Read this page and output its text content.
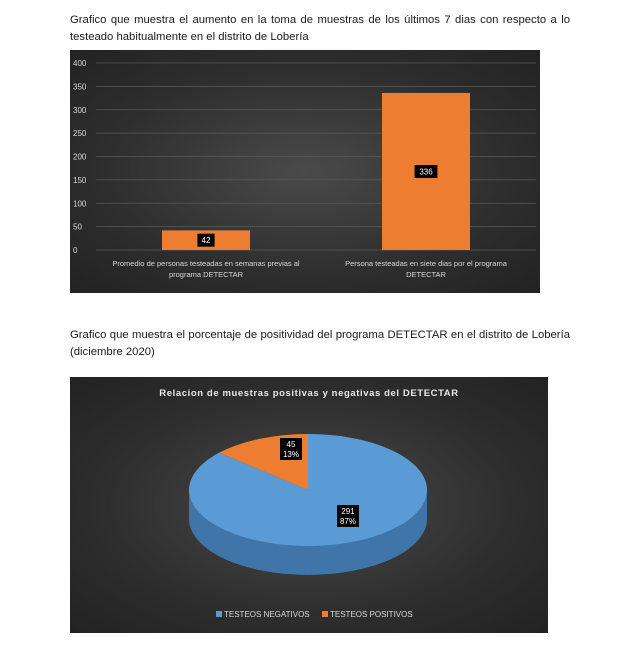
Grafico que muestra el aumento en la toma de muestras de los últimos 7 dias con respecto a lo testeado habitualmente en el distrito de Lobería
0
50
100
150
200
250
300
350
400
42
Promedio de personas testeadas en semanas previas al
programa DETECTAR
336
Persona testeadas en siete dias por el programa
DETECTAR
Grafico que muestra el porcentaje de positividad del programa DETECTAR en el distrito de Lobería (diciembre 2020)
Relacion de muestras positivas y negativas del DETECTAR
291
87%
45
13%
TESTEOS NEGATIVOS	TESTEOS POSITIVOS
